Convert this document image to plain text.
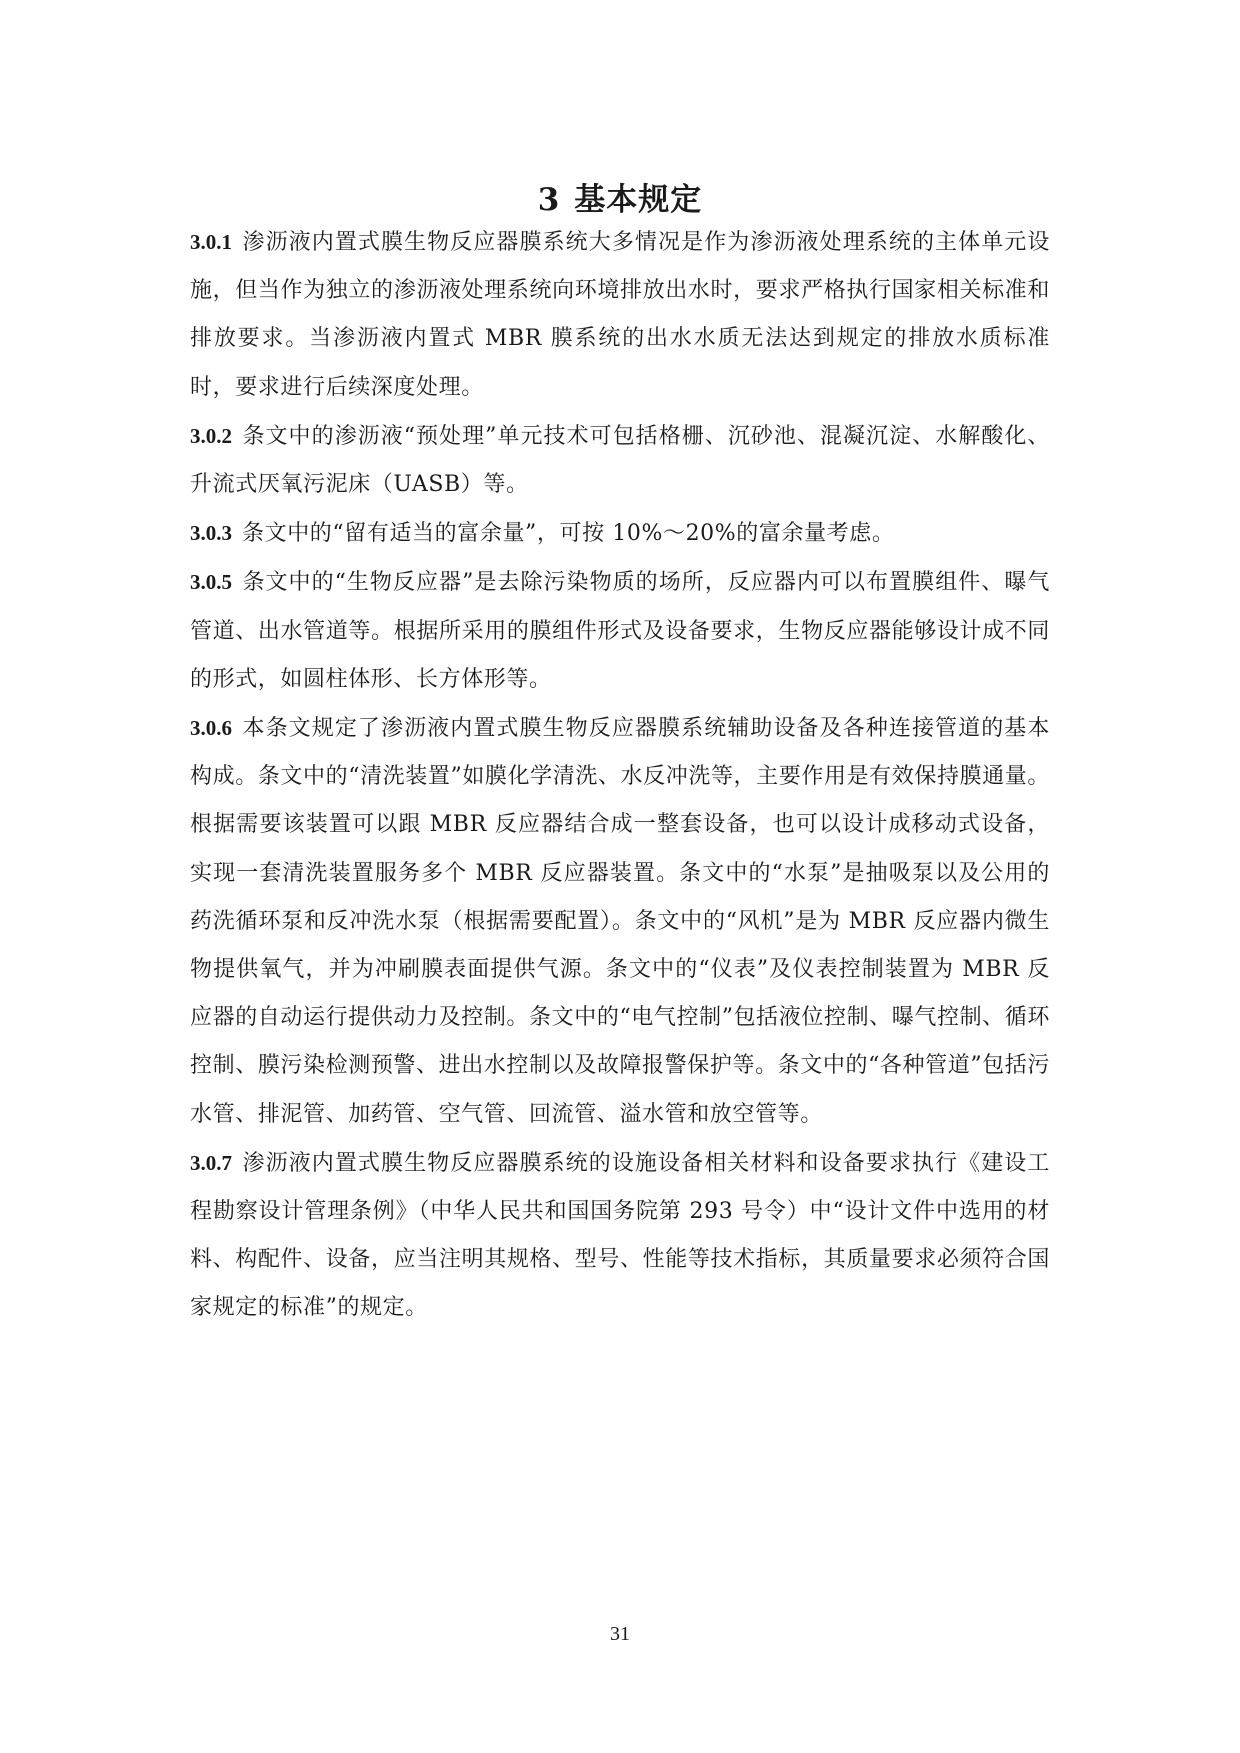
3 基本规定

3.0.1 渗沥液内置式膜生物反应器膜系统大多情况是作为渗沥液处理系统的主体单元设施，但当作为独立的渗沥液处理系统向环境排放出水时，要求严格执行国家相关标准和排放要求。当渗沥液内置式 MBR 膜系统的出水水质无法达到规定的排放水质标准时，要求进行后续深度处理。

3.0.2 条文中的渗沥液“预处理”单元技术可包括格栅、沉砂池、混凝沉淀、水解酸化、升流式厌氧污泥床（UASB）等。

3.0.3 条文中的“留有适当的富余量”，可按 10%～20%的富余量考虑。

3.0.5 条文中的“生物反应器”是去除污染物质的场所，反应器内可以布置膜组件、曝气管道、出水管道等。根据所采用的膜组件形式及设备要求，生物反应器能够设计成不同的形式，如圆柱体形、长方体形等。

3.0.6 本条文规定了渗沥液内置式膜生物反应器膜系统辅助设备及各种连接管道的基本构成。条文中的“清洗装置”如膜化学清洗、水反冲洗等，主要作用是有效保持膜通量。根据需要该装置可以跟 MBR 反应器结合成一整套设备，也可以设计成移动式设备，实现一套清洗装置服务多个 MBR 反应器装置。条文中的“水泵”是抽吸泵以及公用的药洗循环泵和反冲洗水泵（根据需要配置）。条文中的“风机”是为 MBR 反应器内微生物提供氧气，并为冲刷膜表面提供气源。条文中的“仪表”及仪表控制装置为 MBR 反应器的自动运行提供动力及控制。条文中的“电气控制”包括液位控制、曝气控制、循环控制、膜污染检测预警、进出水控制以及故障报警保护等。条文中的“各种管道”包括污水管、排泥管、加药管、空气管、回流管、溢水管和放空管等。

3.0.7 渗沥液内置式膜生物反应器膜系统的设施设备相关材料和设备要求执行《建设工程勘察设计管理条例》（中华人民共和国国务院第 293 号令）中“设计文件中选用的材料、构配件、设备，应当注明其规格、型号、性能等技术指标，其质量要求必须符合国家规定的标准”的规定。

31
